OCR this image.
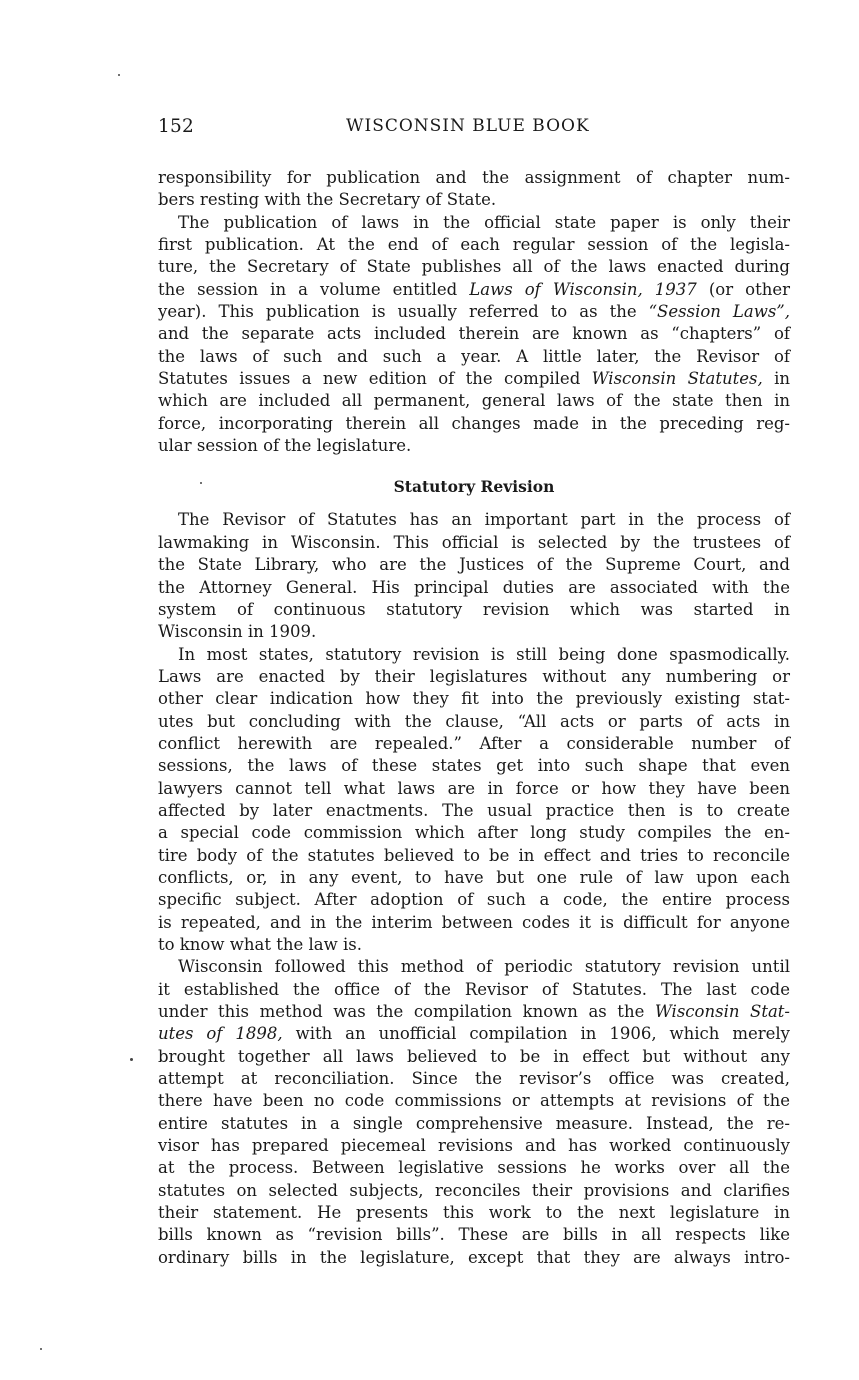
152	WISCONSIN BLUE BOOK
responsibility for publication and the assignment of chapter num-
bers resting with the Secretary of State.
The publication of laws in the official state paper is only their
first publication. At the end of each regular session of the legisla-
ture, the Secretary of State publishes all of the laws enacted during
the session in a volume entitled Laws of Wisconsin, 1937 (or other
year). This publication is usually referred to as the “Session Laws”,
and the separate acts included therein are known as “chapters” of
the laws of such and such a year. A little later, the Revisor of
Statutes issues a new edition of the compiled Wisconsin Statutes, in
which are included all permanent, general laws of the state then in
force, incorporating therein all changes made in the preceding reg-
ular session of the legislature.
Statutory Revision
The Revisor of Statutes has an important part in the process of
lawmaking in Wisconsin. This official is selected by the trustees of
the State Library, who are the Justices of the Supreme Court, and
the Attorney General. His principal duties are associated with the
system of continuous statutory revision which was started in
Wisconsin in 1909.
In most states, statutory revision is still being done spasmodically.
Laws are enacted by their legislatures without any numbering or
other clear indication how they fit into the previously existing stat-
utes but concluding with the clause, “All acts or parts of acts in
conflict herewith are repealed.” After a considerable number of
sessions, the laws of these states get into such shape that even
lawyers cannot tell what laws are in force or how they have been
affected by later enactments. The usual practice then is to create
a special code commission which after long study compiles the en-
tire body of the statutes believed to be in effect and tries to reconcile
conflicts, or, in any event, to have but one rule of law upon each
specific subject. After adoption of such a code, the entire process
is repeated, and in the interim between codes it is difficult for anyone
to know what the law is.
Wisconsin followed this method of periodic statutory revision until
it established the office of the Revisor of Statutes. The last code
under this method was the compilation known as the Wisconsin Stat-
utes of 1898, with an unofficial compilation in 1906, which merely
brought together all laws believed to be in effect but without any
attempt at reconciliation. Since the revisor’s office was created,
there have been no code commissions or attempts at revisions of the
entire statutes in a single comprehensive measure. Instead, the re-
visor has prepared piecemeal revisions and has worked continuously
at the process. Between legislative sessions he works over all the
statutes on selected subjects, reconciles their provisions and clarifies
their statement. He presents this work to the next legislature in
bills known as “revision bills”. These are bills in all respects like
ordinary bills in the legislature, except that they are always intro-
